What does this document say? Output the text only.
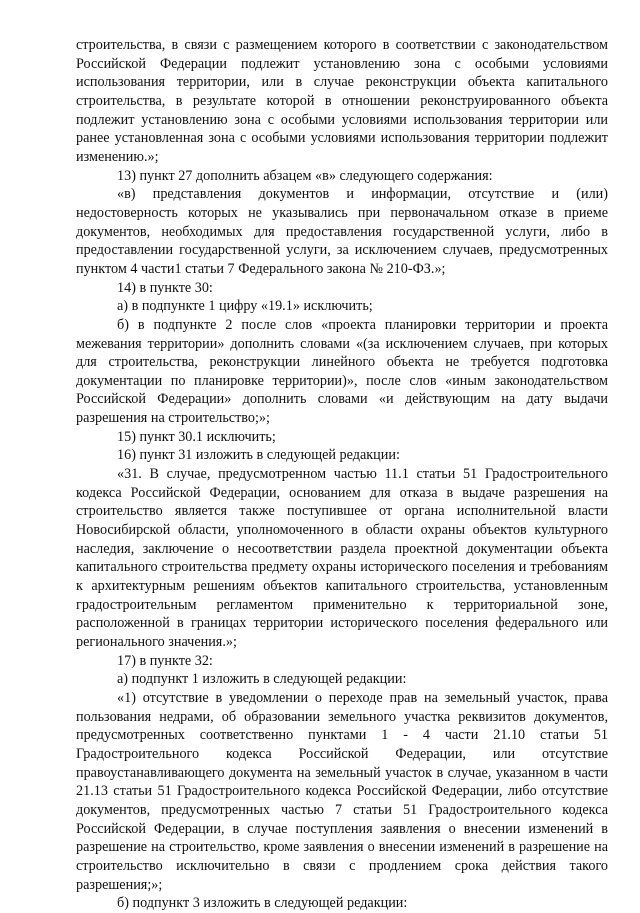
строительства, в связи с размещением которого в соответствии с законодательством Российской Федерации подлежит установлению зона с особыми условиями использования территории, или в случае реконструкции объекта капитального строительства, в результате которой в отношении реконструированного объекта подлежит установлению зона с особыми условиями использования территории или ранее установленная зона с особыми условиями использования территории подлежит изменению.»;

13) пункт 27 дополнить абзацем «в» следующего содержания:

«в) представления документов и информации, отсутствие и (или) недостоверность которых не указывались при первоначальном отказе в приеме документов, необходимых для предоставления государственной услуги, либо в предоставлении государственной услуги, за исключением случаев, предусмотренных пунктом 4 части1 статьи 7 Федерального закона № 210-ФЗ.»;

14) в пункте 30:

а) в подпункте 1 цифру «19.1» исключить;

б) в подпункте 2 после слов «проекта планировки территории и проекта межевания территории» дополнить словами «(за исключением случаев, при которых для строительства, реконструкции линейного объекта не требуется подготовка документации по планировке территории)», после слов «иным законодательством Российской Федерации» дополнить словами «и действующим на дату выдачи разрешения на строительство;»;

15) пункт 30.1 исключить;

16) пункт 31 изложить в следующей редакции:

«31. В случае, предусмотренном частью 11.1 статьи 51 Градостроительного кодекса Российской Федерации, основанием для отказа в выдаче разрешения на строительство является также поступившее от органа исполнительной власти Новосибирской области, уполномоченного в области охраны объектов культурного наследия, заключение о несоответствии раздела проектной документации объекта капитального строительства предмету охраны исторического поселения и требованиям к архитектурным решениям объектов капитального строительства, установленным градостроительным регламентом применительно к территориальной зоне, расположенной в границах территории исторического поселения федерального или регионального значения.»;

17) в пункте 32:

а) подпункт 1 изложить в следующей редакции:

«1) отсутствие в уведомлении о переходе прав на земельный участок, права пользования недрами, об образовании земельного участка реквизитов документов, предусмотренных соответственно пунктами 1 - 4 части 21.10 статьи 51 Градостроительного кодекса Российской Федерации, или отсутствие правоустанавливающего документа на земельный участок в случае, указанном в части 21.13 статьи 51 Градостроительного кодекса Российской Федерации, либо отсутствие документов, предусмотренных частью 7 статьи 51 Градостроительного кодекса Российской Федерации, в случае поступления заявления о внесении изменений в разрешение на строительство, кроме заявления о внесении изменений в разрешение на строительство исключительно в связи с продлением срока действия такого разрешения;»;

б) подпункт 3 изложить в следующей редакции:
